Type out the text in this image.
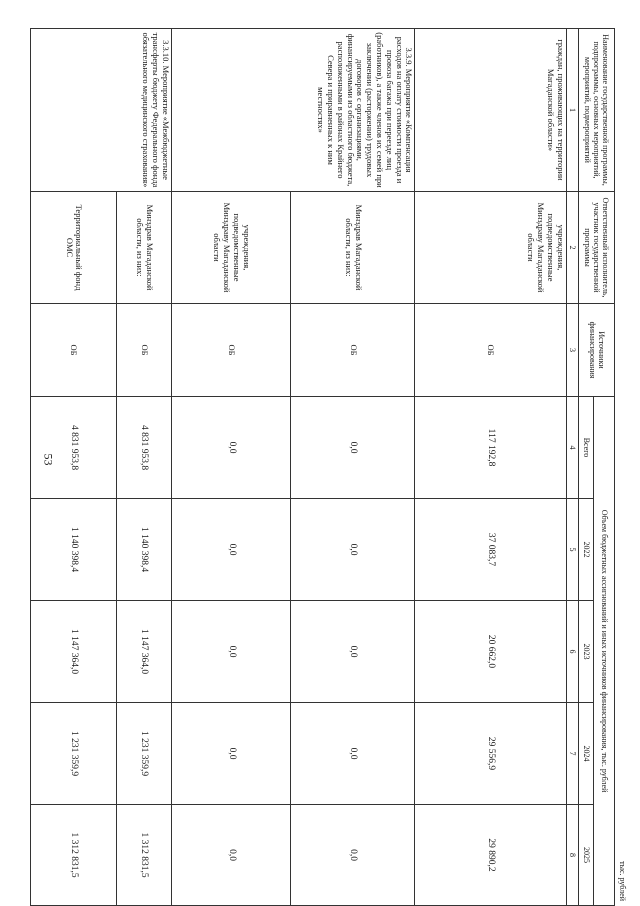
53
тыс. рублей
Наименование государственной программы, подпрограммы, основных мероприятий, мероприятий, подмероприятий	Ответственный исполнитель, участник государственной программы	Источники финансирования	Объем бюджетных ассигнований и иных источников финансирования, тыс. рублей				
			Всего	2022	2023	2024	2025
1	2	3	4	5	6	7	8
граждан, проживающих на территории Магаданской области»	учреждения, подведомственные Минздраву Магаданской области	ОБ	117 192,8	37 083,7	20 662,0	29 556,9	29 890,2
3.3.9. Мероприятие «Компенсация расходов на оплату стоимости проезда и провоза багажа при переезде лиц (работников), а также членов их семей при заключении (расторжении) трудовых договоров с организациями, финансируемыми из областного бюджета, расположенными в районах Крайнего Севера и приравненных к ним местностях»	Минздрав Магаданской области, из них:	ОБ	0,0	0,0	0,0	0,0	0,0
	учреждения, подведомственные Минздраву Магаданской области	ОБ	0,0	0,0	0,0	0,0	0,0
3.3.10. Мероприятие «Межбюджетные трансферты бюджету Федерального фонда обязательного медицинского страхования»	Минздрав Магаданской области, из них:	ОБ	4 831 953,8	1 140 398,4	1 147 364,0	1 231 359,9	1 312 831,5
	Территориальный фонд ОМС	ОБ	4 831 953,8	1 140 398,4	1 147 364,0	1 231 359,9	1 312 831,5
